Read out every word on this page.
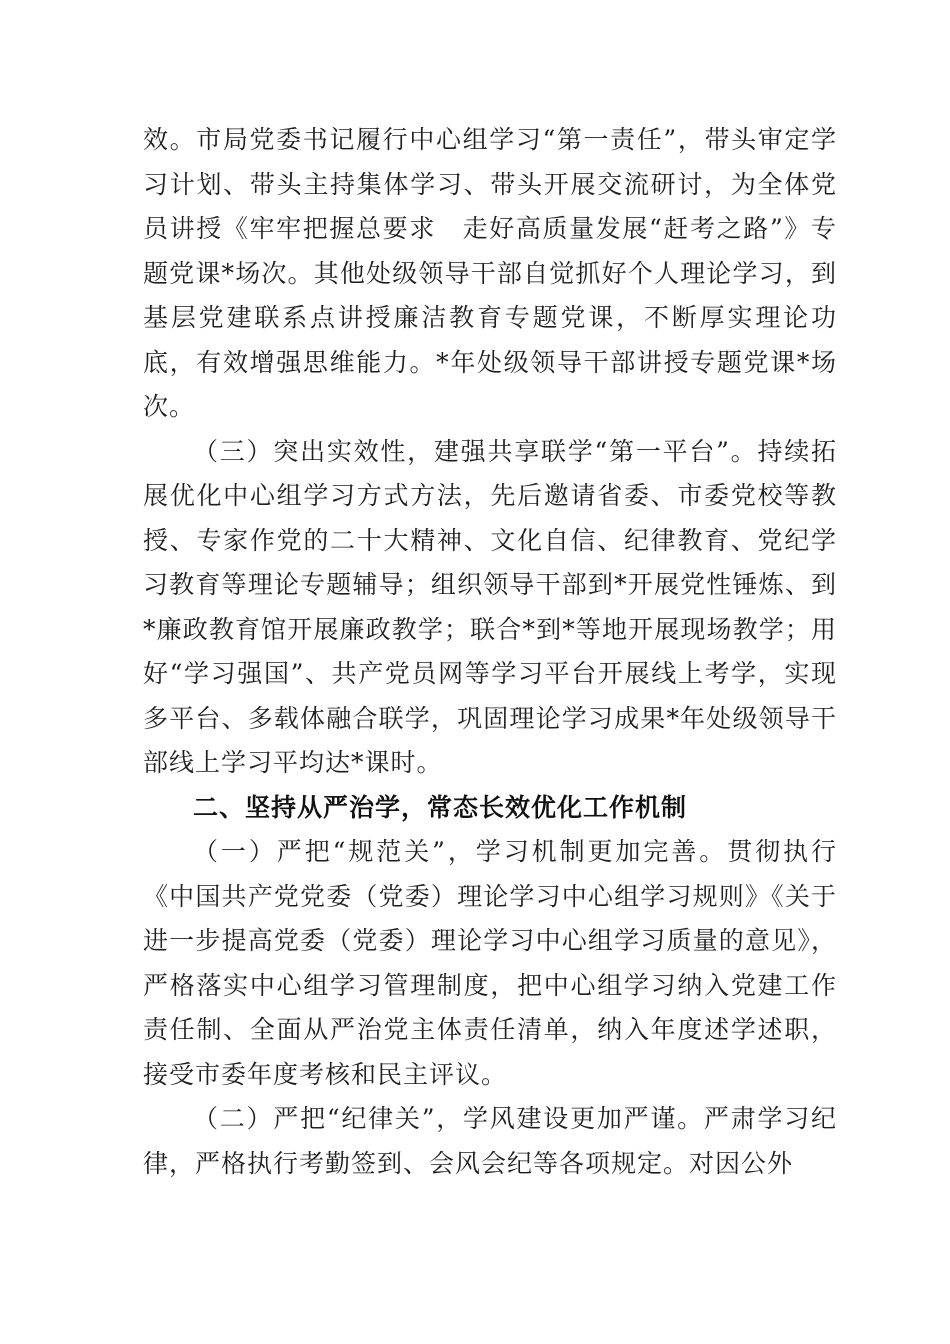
效。市局党委书记履行中心组学习“第一责任”，带头审定学习计划、带头主持集体学习、带头开展交流研讨，为全体党员讲授《牢牢把握总要求　走好高质量发展“赶考之路”》专题党课*场次。其他处级领导干部自觉抓好个人理论学习，到基层党建联系点讲授廉洁教育专题党课，不断厚实理论功底，有效增强思维能力。*年处级领导干部讲授专题党课*场次。

（三）突出实效性，建强共享联学“第一平台”。持续拓展优化中心组学习方式方法，先后邀请省委、市委党校等教授、专家作党的二十大精神、文化自信、纪律教育、党纪学习教育等理论专题辅导；组织领导干部到*开展党性锤炼、到*廉政教育馆开展廉政教学；联合*到*等地开展现场教学；用好“学习强国”、共产党员网等学习平台开展线上考学，实现多平台、多载体融合联学，巩固理论学习成果*年处级领导干部线上学习平均达*课时。

二、坚持从严治学，常态长效优化工作机制

（一）严把“规范关”，学习机制更加完善。贯彻执行《中国共产党党委（党委）理论学习中心组学习规则》《关于进一步提高党委（党委）理论学习中心组学习质量的意见》，严格落实中心组学习管理制度，把中心组学习纳入党建工作责任制、全面从严治党主体责任清单，纳入年度述学述职，接受市委年度考核和民主评议。

（二）严把“纪律关”，学风建设更加严谨。严肃学习纪律，严格执行考勤签到、会风会纪等各项规定。对因公外
